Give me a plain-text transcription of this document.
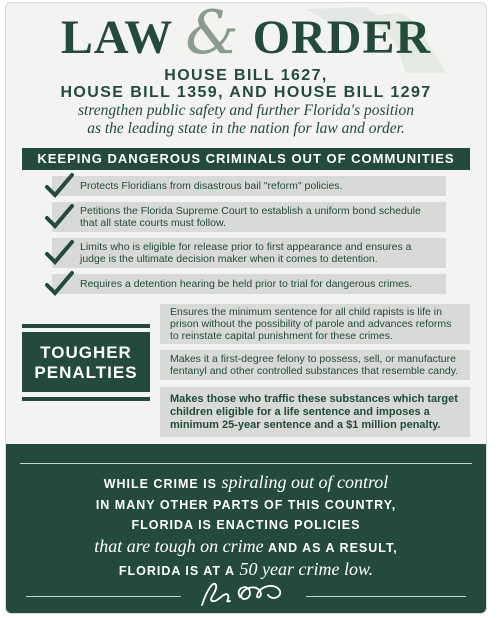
LAW & ORDER
HOUSE BILL 1627,
HOUSE BILL 1359, AND HOUSE BILL 1297
strengthen public safety and further Florida's position
as the leading state in the nation for law and order.
KEEPING DANGEROUS CRIMINALS OUT OF COMMUNITIES
Protects Floridians from disastrous bail "reform" policies.
Petitions the Florida Supreme Court to establish a uniform bond schedule that all state courts must follow.
Limits who is eligible for release prior to first appearance and ensures a judge is the ultimate decision maker when it comes to detention.
Requires a detention hearing be held prior to trial for dangerous crimes.
TOUGHER
PENALTIES
Ensures the minimum sentence for all child rapists is life in prison without the possibility of parole and advances reforms to reinstate capital punishment for these crimes.
Makes it a first-degree felony to possess, sell, or manufacture fentanyl and other controlled substances that resemble candy.
Makes those who traffic these substances which target children eligible for a life sentence and imposes a minimum 25-year sentence and a $1 million penalty.
WHILE CRIME IS spiraling out of control
IN MANY OTHER PARTS OF THIS COUNTRY,
FLORIDA IS ENACTING POLICIES
that are tough on crime AND AS A RESULT,
FLORIDA IS AT A 50 year crime low.
